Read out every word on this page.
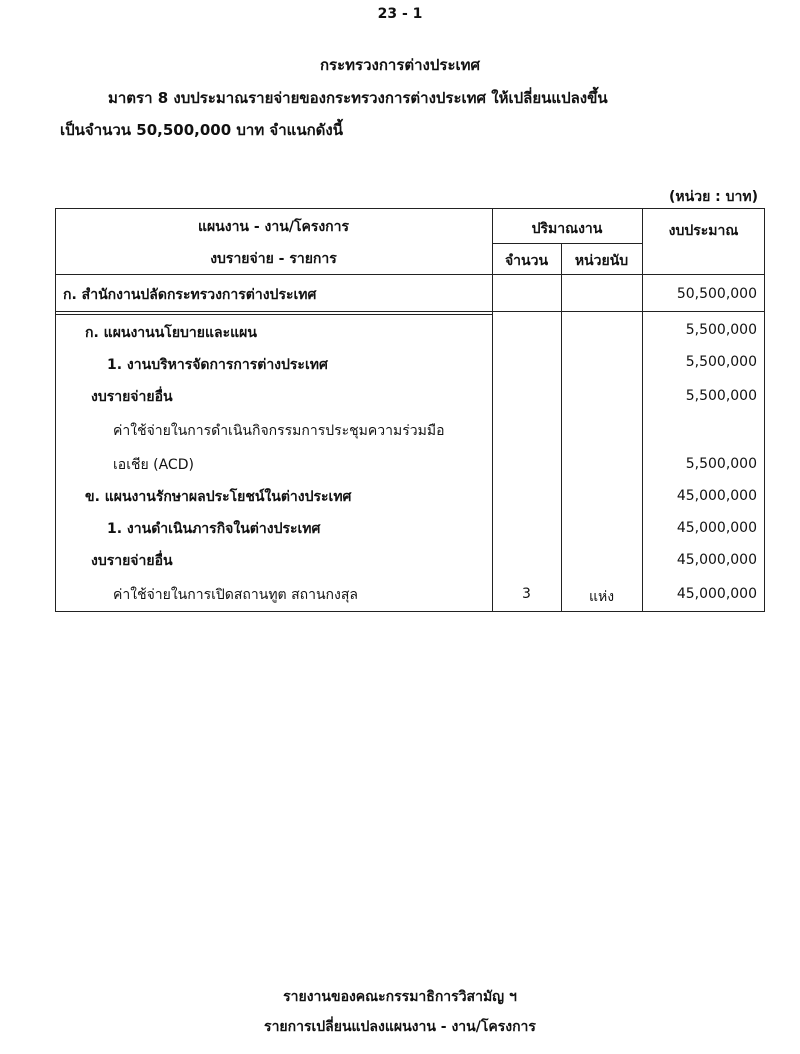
23 - 1
กระทรวงการต่างประเทศ
มาตรา 8 งบประมาณรายจ่ายของกระทรวงการต่างประเทศ ให้เปลี่ยนแปลงขึ้น
เป็นจำนวน 50,500,000 บาท จำแนกดังนี้
(หน่วย : บาท)
แผนงาน - งาน/โครงการ
งบรายจ่าย - รายการ
ปริมาณงาน
จำนวน	หน่วยนับ
งบประมาณ
ก. สำนักงานปลัดกระทรวงการต่างประเทศ	50,500,000
ก. แผนงานนโยบายและแผน	5,500,000
1. งานบริหารจัดการการต่างประเทศ	5,500,000
งบรายจ่ายอื่น	5,500,000
ค่าใช้จ่ายในการดำเนินกิจกรรมการประชุมความร่วมมือ
เอเชีย (ACD)	5,500,000
ข. แผนงานรักษาผลประโยชน์ในต่างประเทศ	45,000,000
1. งานดำเนินภารกิจในต่างประเทศ	45,000,000
งบรายจ่ายอื่น	45,000,000
ค่าใช้จ่ายในการเปิดสถานทูต สถานกงสุล	3	แห่ง	45,000,000
รายงานของคณะกรรมาธิการวิสามัญ ฯ
รายการเปลี่ยนแปลงแผนงาน - งาน/โครงการ
